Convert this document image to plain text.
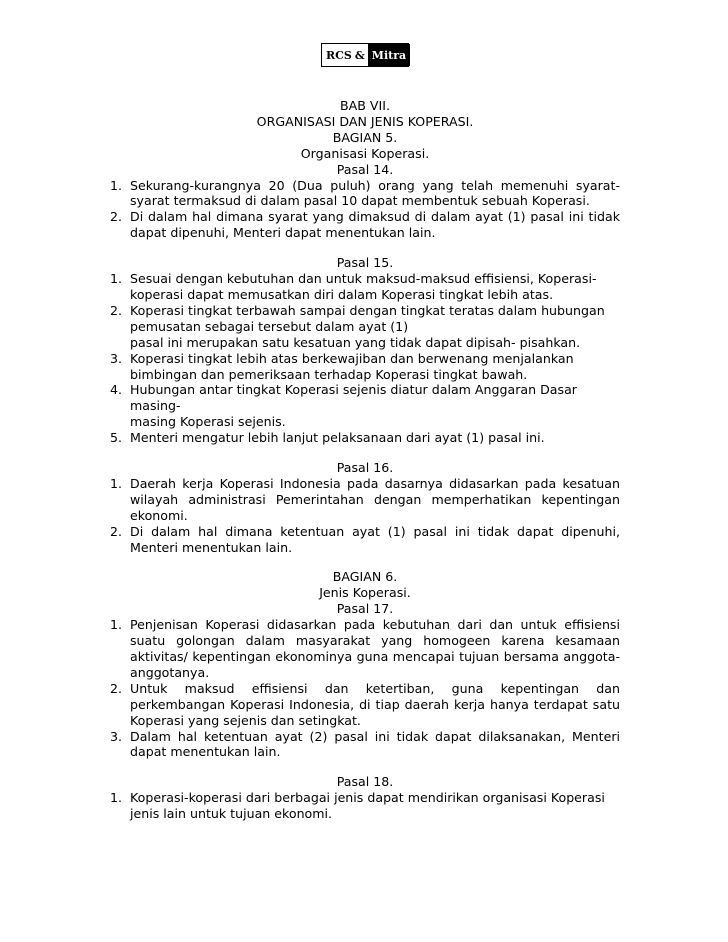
RCS & Mitra
BAB VII.
ORGANISASI DAN JENIS KOPERASI.
BAGIAN 5.
Organisasi Koperasi.
Pasal 14.
1. Sekurang-kurangnya 20 (Dua puluh) orang yang telah memenuhi syarat-syarat termaksud di dalam pasal 10 dapat membentuk sebuah Koperasi.
2. Di dalam hal dimana syarat yang dimaksud di dalam ayat (1) pasal ini tidak dapat dipenuhi, Menteri dapat menentukan lain.
Pasal 15.
1. Sesuai dengan kebutuhan dan untuk maksud-maksud effisiensi, Koperasi-
koperasi dapat memusatkan diri dalam Koperasi tingkat lebih atas.
2. Koperasi tingkat terbawah sampai dengan tingkat teratas dalam hubungan
pemusatan sebagai tersebut dalam ayat (1)
pasal ini merupakan satu kesatuan yang tidak dapat dipisah- pisahkan.
3. Koperasi tingkat lebih atas berkewajiban dan berwenang menjalankan
bimbingan dan pemeriksaan terhadap Koperasi tingkat bawah.
4. Hubungan antar tingkat Koperasi sejenis diatur dalam Anggaran Dasar masing-
masing Koperasi sejenis.
5. Menteri mengatur lebih lanjut pelaksanaan dari ayat (1) pasal ini.
Pasal 16.
1. Daerah kerja Koperasi Indonesia pada dasarnya didasarkan pada kesatuan wilayah administrasi Pemerintahan dengan memperhatikan kepentingan ekonomi.
2. Di dalam hal dimana ketentuan ayat (1) pasal ini tidak dapat dipenuhi, Menteri menentukan lain.
BAGIAN 6.
Jenis Koperasi.
Pasal 17.
1. Penjenisan Koperasi didasarkan pada kebutuhan dari dan untuk effisiensi suatu golongan dalam masyarakat yang homogeen karena kesamaan aktivitas/ kepentingan ekonominya guna mencapai tujuan bersama anggota-anggotanya.
2. Untuk maksud effisiensi dan ketertiban, guna kepentingan dan perkembangan Koperasi Indonesia, di tiap daerah kerja hanya terdapat satu Koperasi yang sejenis dan setingkat.
3. Dalam hal ketentuan ayat (2) pasal ini tidak dapat dilaksanakan, Menteri dapat menentukan lain.
Pasal 18.
1. Koperasi-koperasi dari berbagai jenis dapat mendirikan organisasi Koperasi
jenis lain untuk tujuan ekonomi.
